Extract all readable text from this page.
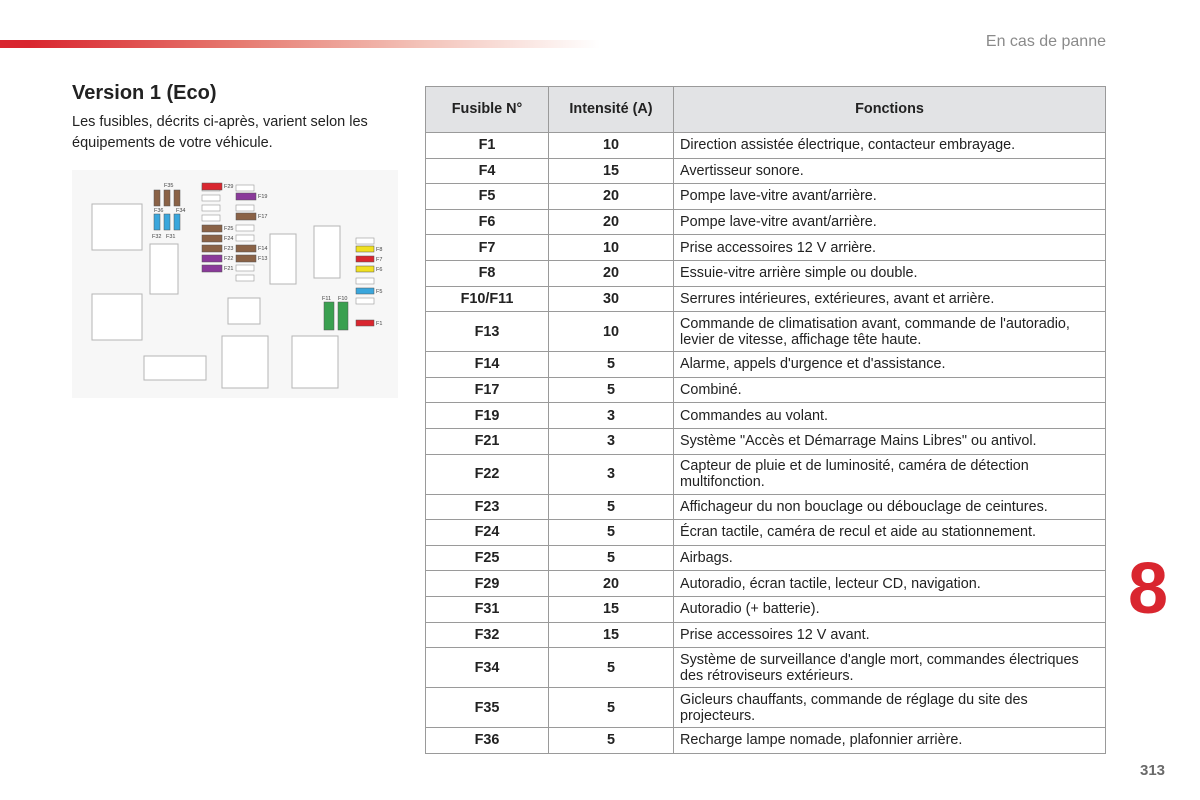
En cas de panne
Version 1 (Eco)
Les fusibles, décrits ci-après, varient selon les équipements de votre véhicule.
F35
F36 F34
F32 F31
F29
F19
F17
F25
F24
F23	F14
F22	F13
F21
F8
F7
F6
F5
F1
F11 F10
Fusible N°	Intensité (A)	Fonctions
F1	10	Direction assistée électrique, contacteur embrayage.
F4	15	Avertisseur sonore.
F5	20	Pompe lave-vitre avant/arrière.
F6	20	Pompe lave-vitre avant/arrière.
F7	10	Prise accessoires 12 V arrière.
F8	20	Essuie-vitre arrière simple ou double.
F10/F11	30	Serrures intérieures, extérieures, avant et arrière.
F13	10	Commande de climatisation avant, commande de l'autoradio, levier de vitesse, affichage tête haute.
F14	5	Alarme, appels d'urgence et d'assistance.
F17	5	Combiné.
F19	3	Commandes au volant.
F21	3	Système "Accès et Démarrage Mains Libres" ou antivol.
F22	3	Capteur de pluie et de luminosité, caméra de détection multifonction.
F23	5	Affichageur du non bouclage ou débouclage de ceintures.
F24	5	Écran tactile, caméra de recul et aide au stationnement.
F25	5	Airbags.
F29	20	Autoradio, écran tactile, lecteur CD, navigation.
F31	15	Autoradio (+ batterie).
F32	15	Prise accessoires 12 V avant.
F34	5	Système de surveillance d'angle mort, commandes électriques des rétroviseurs extérieurs.
F35	5	Gicleurs chauffants, commande de réglage du site des projecteurs.
F36	5	Recharge lampe nomade, plafonnier arrière.
8
313
